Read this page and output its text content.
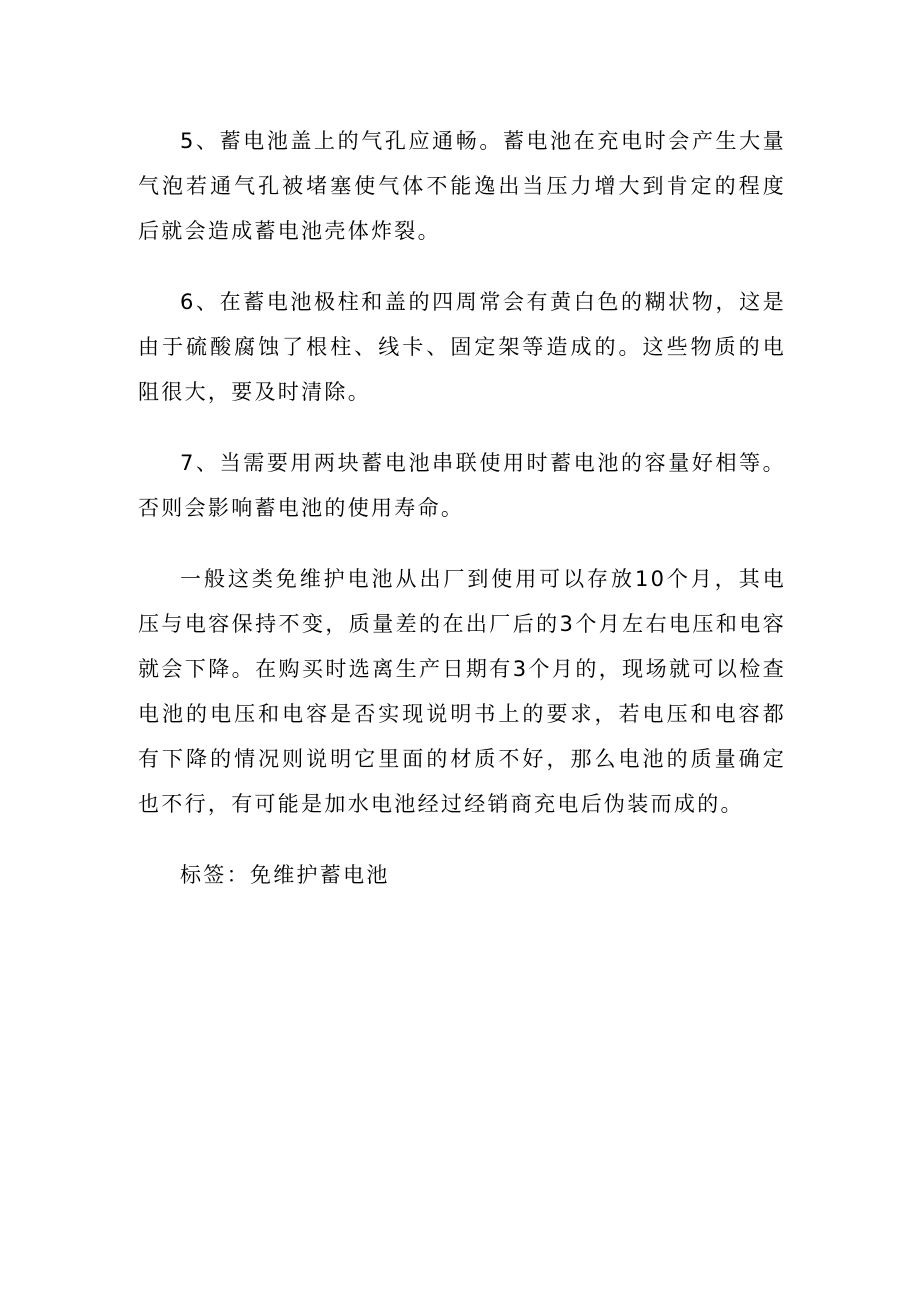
5、蓄电池盖上的气孔应通畅。蓄电池在充电时会产生大量气泡若通气孔被堵塞使气体不能逸出当压力增大到肯定的程度后就会造成蓄电池壳体炸裂。

6、在蓄电池极柱和盖的四周常会有黄白色的糊状物，这是由于硫酸腐蚀了根柱、线卡、固定架等造成的。这些物质的电阻很大，要及时清除。

7、当需要用两块蓄电池串联使用时蓄电池的容量好相等。否则会影响蓄电池的使用寿命。

一般这类免维护电池从出厂到使用可以存放10个月，其电压与电容保持不变，质量差的在出厂后的3个月左右电压和电容就会下降。在购买时选离生产日期有3个月的，现场就可以检查电池的电压和电容是否实现说明书上的要求，若电压和电容都有下降的情况则说明它里面的材质不好，那么电池的质量确定也不行，有可能是加水电池经过经销商充电后伪装而成的。

标签：免维护蓄电池
